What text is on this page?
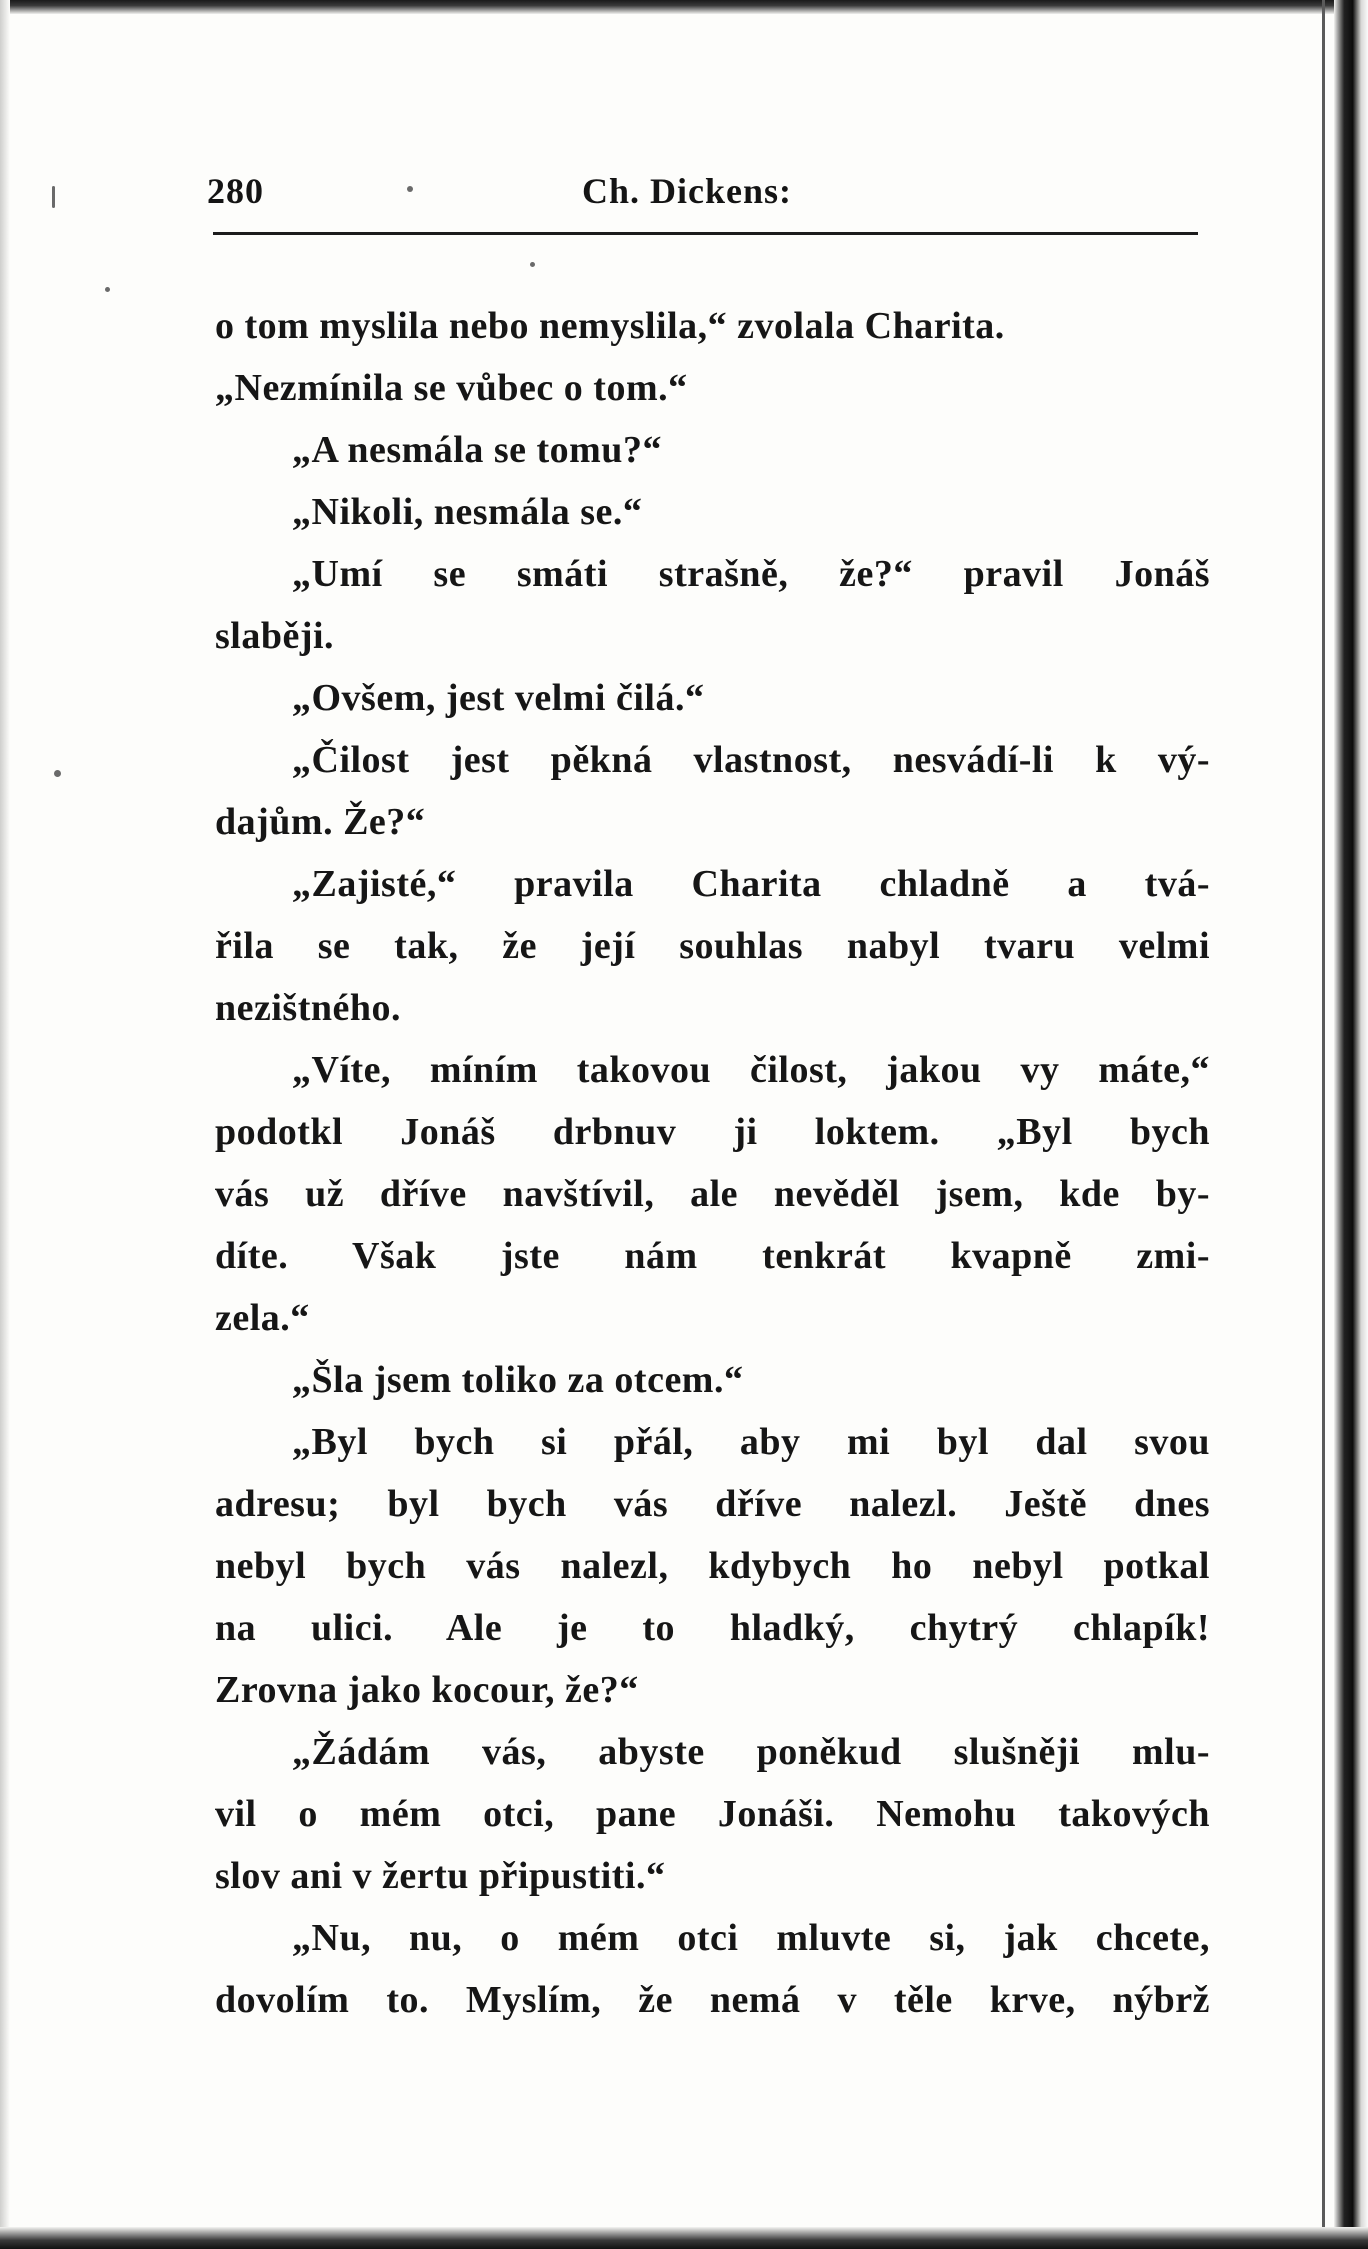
280	Ch. Dickens:
o tom myslila nebo nemyslila,“ zvolala Charita.
„Nezmínila se vůbec o tom.“
„A nesmála se tomu?“
„Nikoli, nesmála se.“
„Umí se smáti strašně, že?“ pravil Jonáš
slaběji.
„Ovšem, jest velmi čilá.“
„Čilost jest pěkná vlastnost, nesvádí-li k vý-
dajům. Že?“
„Zajisté,“ pravila Charita chladně a tvá-
řila se tak, že její souhlas nabyl tvaru velmi
nezištného.
„Víte, míním takovou čilost, jakou vy máte,“
podotkl Jonáš drbnuv ji loktem. „Byl bych
vás už dříve navštívil, ale nevěděl jsem, kde by-
díte. Však jste nám tenkrát kvapně zmi-
zela.“
„Šla jsem toliko za otcem.“
„Byl bych si přál, aby mi byl dal svou
adresu; byl bych vás dříve nalezl. Ještě dnes
nebyl bych vás nalezl, kdybych ho nebyl potkal
na ulici. Ale je to hladký, chytrý chlapík!
Zrovna jako kocour, že?“
„Žádám vás, abyste poněkud slušněji mlu-
vil o mém otci, pane Jonáši. Nemohu takových
slov ani v žertu připustiti.“
„Nu, nu, o mém otci mluvte si, jak chcete,
dovolím to. Myslím, že nemá v těle krve, nýbrž
